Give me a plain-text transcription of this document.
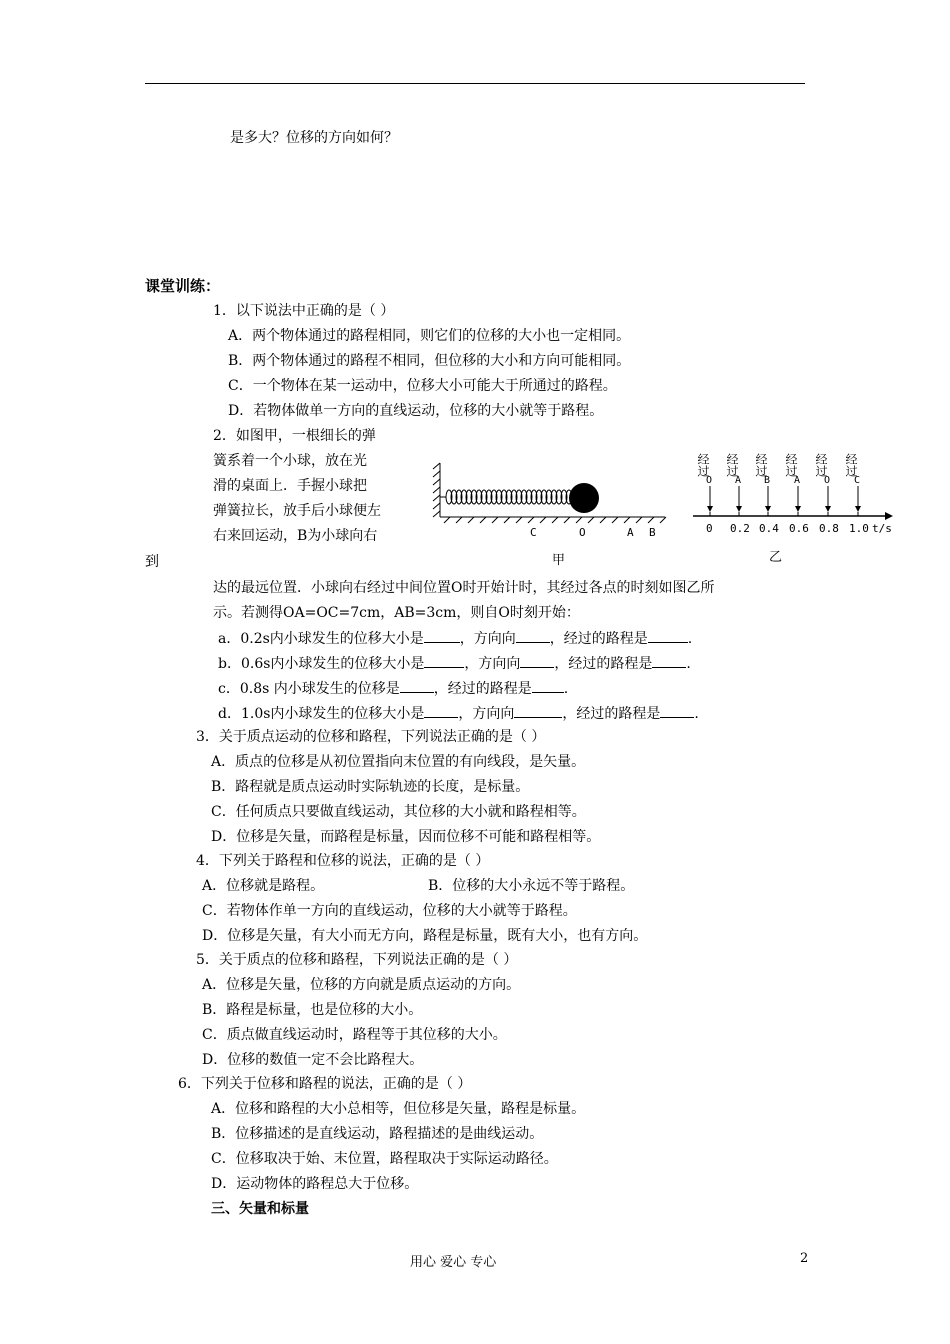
是多大？位移的方向如何？
课堂训练：
1．以下说法中正确的是（ ）
A．两个物体通过的路程相同，则它们的位移的大小也一定相同。
B．两个物体通过的路程不相同，但位移的大小和方向可能相同。
C．一个物体在某一运动中，位移大小可能大于所通过的路程。
D．若物体做单一方向的直线运动，位移的大小就等于路程。
2．如图甲，一根细长的弹
簧系着一个小球，放在光
滑的桌面上．手握小球把
弹簧拉长，放手后小球便左
右来回运动，B为小球向右
到
达的最远位置．小球向右经过中间位置O时开始计时，其经过各点的时刻如图乙所
示。若测得OA=OC=7cm，AB=3cm，则自O时刻开始：
C	O	A B
甲
经过
O
经过
A
经过
B
经过
A
经过
O
经过
C
0 0.2 0.4 0.6 0.8 1.0 t/s
乙
a．0.2s内小球发生的位移大小是	，方向向 ，经过的路程是	.
b．0.6s内小球发生的位移大小是	，方向向 ，经过的路程是 .
c．0.8s 内小球发生的位移是 ，经过的路程是 .
d．1.0s内小球发生的位移大小是 ，方向向	，经过的路程是 .
3．关于质点运动的位移和路程，下列说法正确的是（ ）
A．质点的位移是从初位置指向末位置的有向线段，是矢量。
B．路程就是质点运动时实际轨迹的长度，是标量。
C．任何质点只要做直线运动，其位移的大小就和路程相等。
D．位移是矢量，而路程是标量，因而位移不可能和路程相等。
4．下列关于路程和位移的说法，正确的是（ ）
A．位移就是路程。	B．位移的大小永远不等于路程。
C．若物体作单一方向的直线运动，位移的大小就等于路程。
D．位移是矢量，有大小而无方向，路程是标量，既有大小，也有方向。
5．关于质点的位移和路程，下列说法正确的是（ ）
A．位移是矢量，位移的方向就是质点运动的方向。
B．路程是标量，也是位移的大小。
C．质点做直线运动时，路程等于其位移的大小。
D．位移的数值一定不会比路程大。
6．下列关于位移和路程的说法，正确的是（ ）
A．位移和路程的大小总相等，但位移是矢量，路程是标量。
B．位移描述的是直线运动，路程描述的是曲线运动。
C．位移取决于始、末位置，路程取决于实际运动路径。
D．运动物体的路程总大于位移。
三、矢量和标量
用心 爱心 专心	2
